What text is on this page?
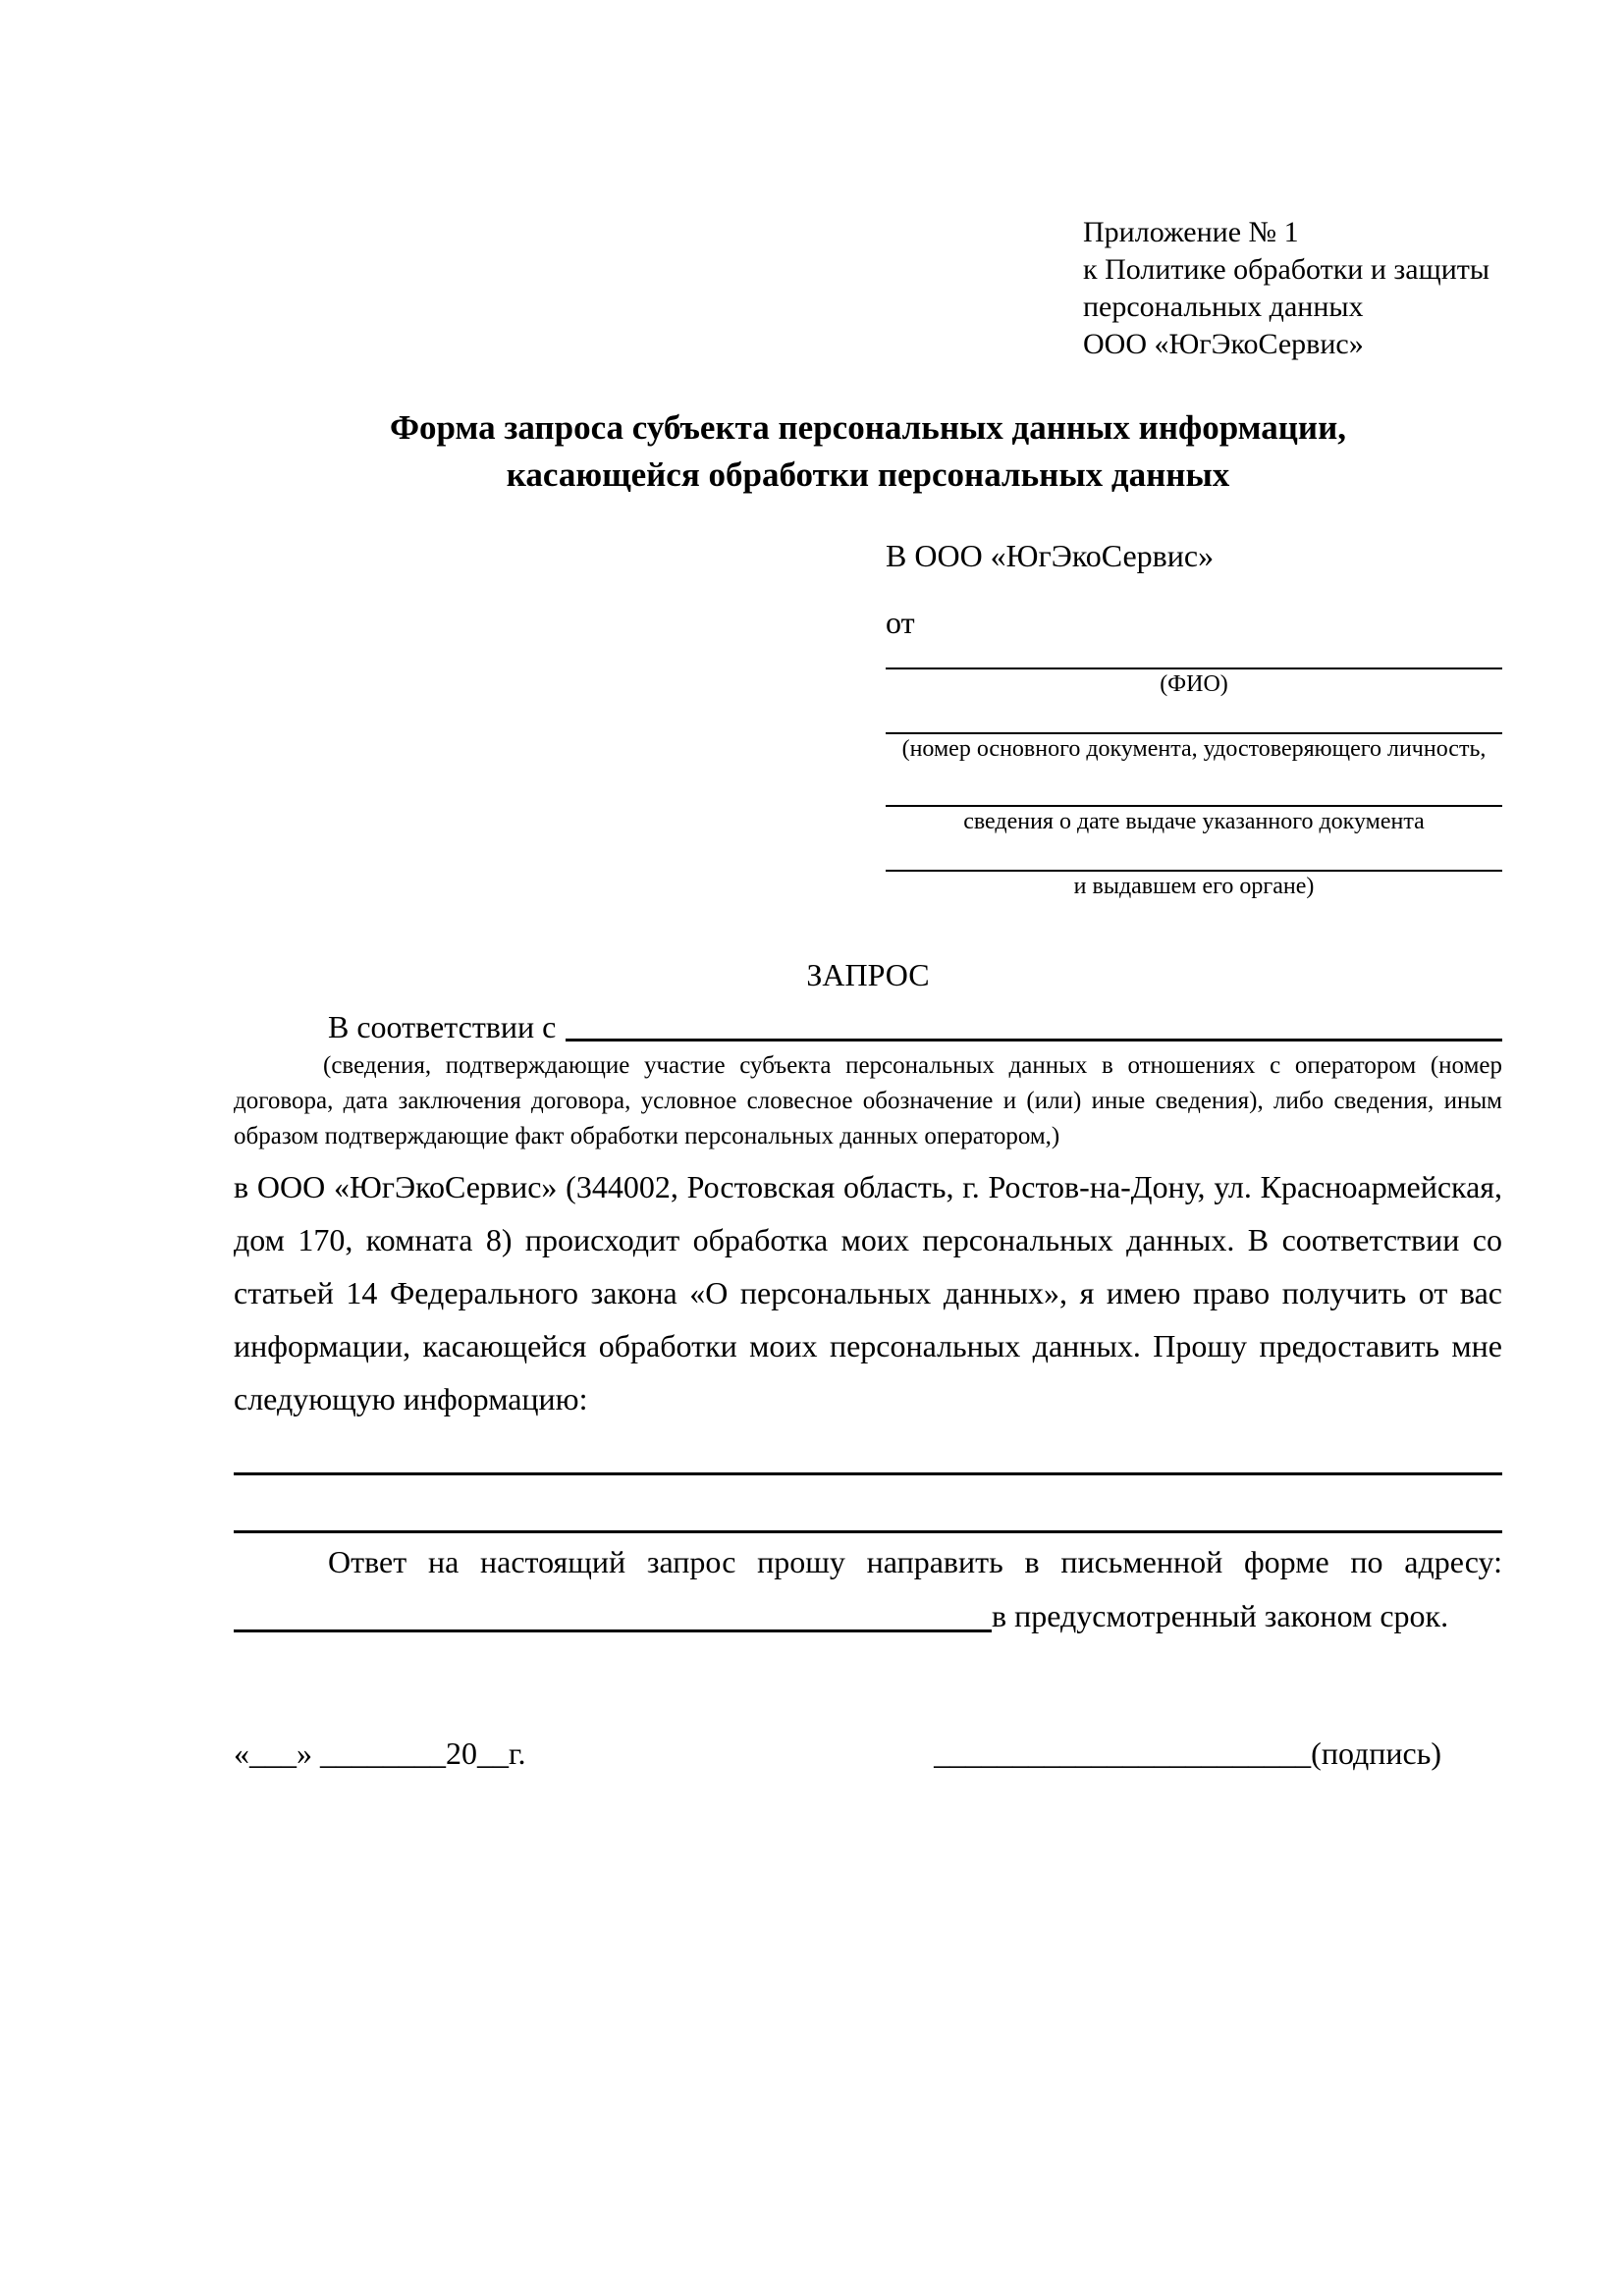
Приложение № 1
к Политике обработки и защиты
персональных данных
ООО «ЮгЭкоСервис»
Форма запроса субъекта персональных данных информации,
касающейся обработки персональных данных
В ООО «ЮгЭкоСервис»
от
(ФИО)
(номер основного документа, удостоверяющего личность,
сведения о дате выдаче указанного документа
и выдавшем его органе)
ЗАПРОС
В соответствии с
(сведения, подтверждающие участие субъекта персональных данных в отношениях с оператором (номер договора, дата заключения договора, условное словесное обозначение и (или) иные сведения), либо сведения, иным образом подтверждающие факт обработки персональных данных оператором,)

в ООО «ЮгЭкоСервис» (344002, Ростовская область, г. Ростов-на-Дону, ул. Красноармейская, дом 170, комната 8) происходит обработка моих персональных данных. В соответствии со статьей 14 Федерального закона «О персональных данных», я имею право получить от вас информации, касающейся обработки моих персональных данных. Прошу предоставить мне следующую информацию:

Ответ на настоящий запрос прошу направить в письменной форме по адресу:

в предусмотренный законом срок.
«___» ________20__г.	________________________(подпись)
